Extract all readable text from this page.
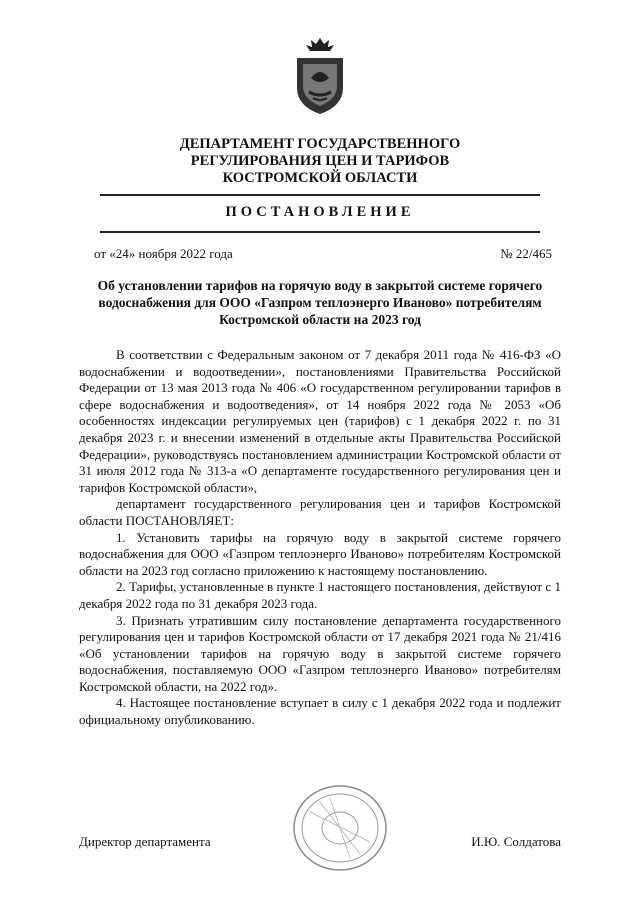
ДЕПАРТАМЕНТ ГОСУДАРСТВЕННОГО
РЕГУЛИРОВАНИЯ ЦЕН И ТАРИФОВ
КОСТРОМСКОЙ ОБЛАСТИ
ПОСТАНОВЛЕНИЕ
от «24» ноября 2022 года	№ 22/465
Об установлении тарифов на горячую воду в закрытой системе горячего водоснабжения для ООО «Газпром теплоэнерго Иваново» потребителям Костромской области на 2023 год

В соответствии с Федеральным законом от 7 декабря 2011 года № 416-ФЗ «О водоснабжении и водоотведении», постановлениями Правительства Российской Федерации от 13 мая 2013 года № 406 «О государственном регулировании тарифов в сфере водоснабжения и водоотведения», от 14 ноября 2022 года № 2053 «Об особенностях индексации регулируемых цен (тарифов) с 1 декабря 2022 г. по 31 декабря 2023 г. и внесении изменений в отдельные акты Правительства Российской Федерации», руководствуясь постановлением администрации Костромской области от 31 июля 2012 года № 313-а «О департаменте государственного регулирования цен и тарифов Костромской области»,

департамент государственного регулирования цен и тарифов Костромской области ПОСТАНОВЛЯЕТ:

1. Установить тарифы на горячую воду в закрытой системе горячего водоснабжения для ООО «Газпром теплоэнерго Иваново» потребителям Костромской области на 2023 год согласно приложению к настоящему постановлению.

2. Тарифы, установленные в пункте 1 настоящего постановления, действуют с 1 декабря 2022 года по 31 декабря 2023 года.

3. Признать утратившим силу постановление департамента государственного регулирования цен и тарифов Костромской области от 17 декабря 2021 года № 21/416 «Об установлении тарифов на горячую воду в закрытой системе горячего водоснабжения, поставляемую ООО «Газпром теплоэнерго Иваново» потребителям Костромской области, на 2022 год».

4. Настоящее постановление вступает в силу с 1 декабря 2022 года и подлежит официальному опубликованию.

Директор департамента	И.Ю. Солдатова
